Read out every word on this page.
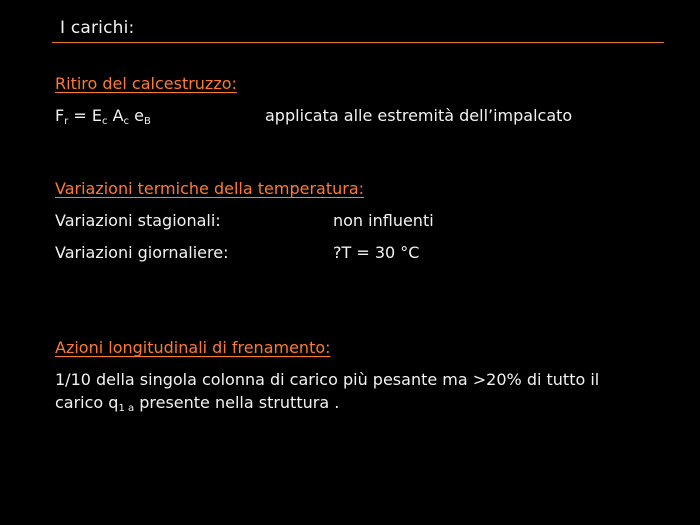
I carichi:
Ritiro del calcestruzzo:
$F_r = E_c$ $A_c$ $e_B$	applicata alle estremità dell’impalcato
Variazioni termiche della temperatura:
Variazioni stagionali:	non influenti
Variazioni giornaliere:	?T = 30 °C
Azioni longitudinali di frenamento:
1/10 della singola colonna di carico più pesante ma >20% di tutto il
carico $q_{1 a}$ presente nella struttura .
